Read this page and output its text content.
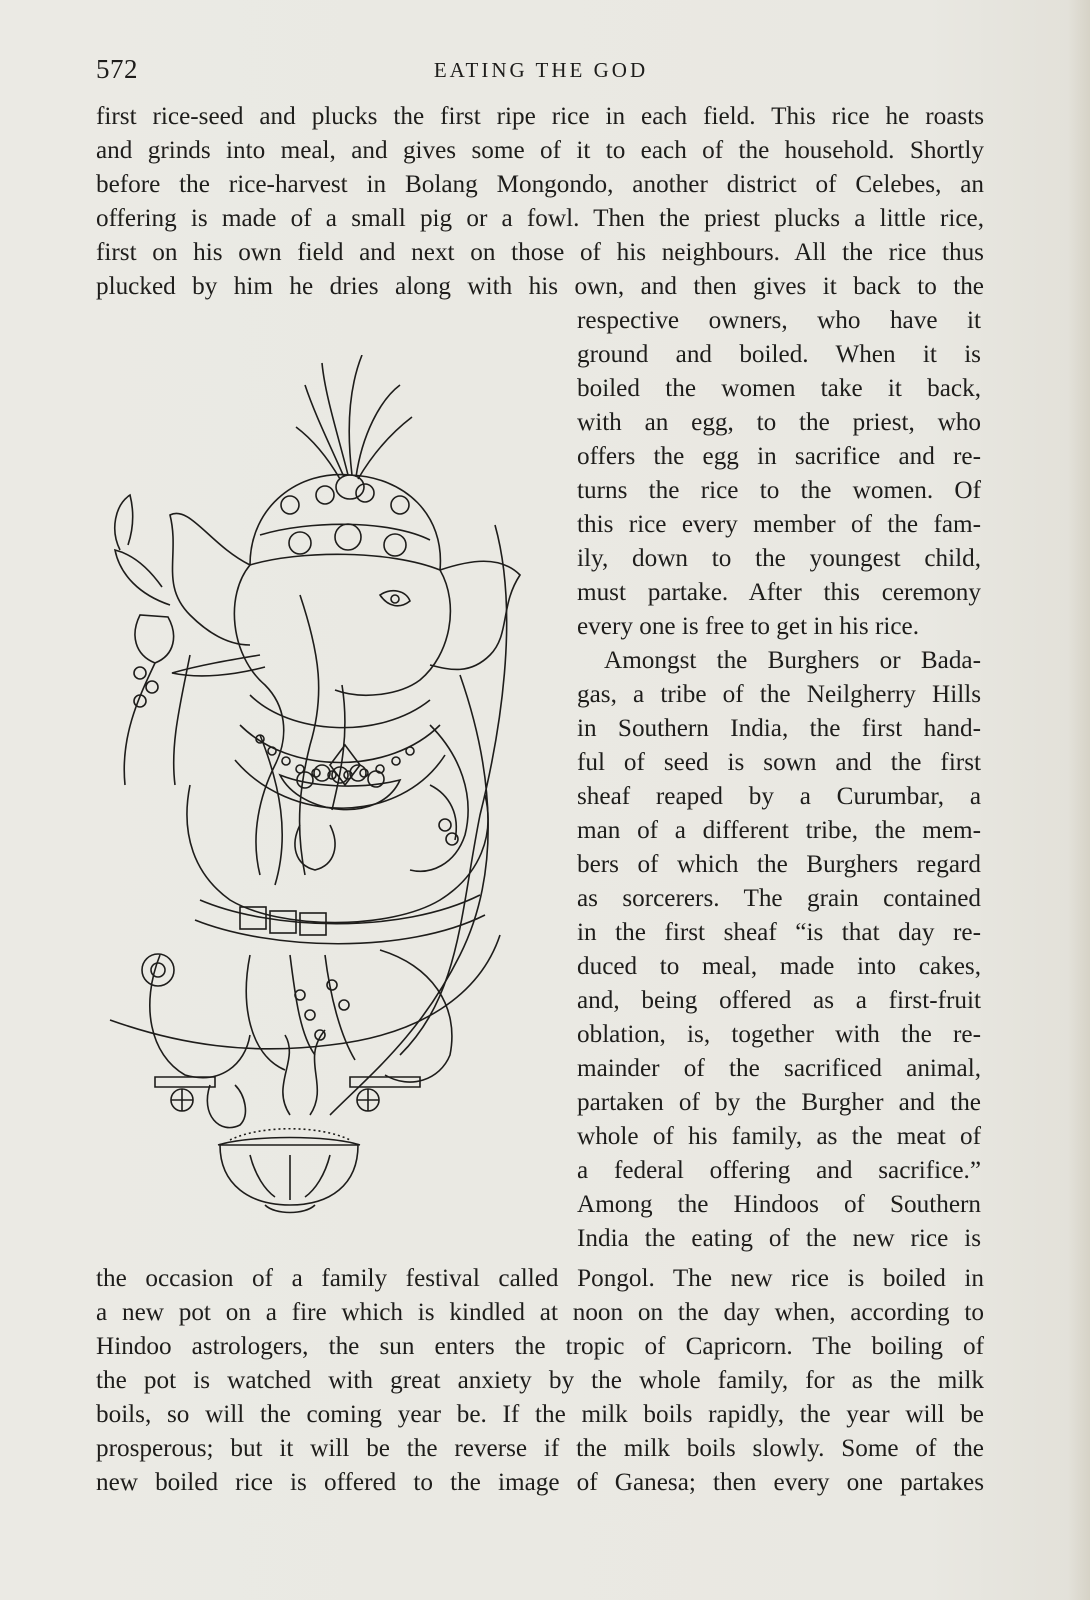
572	EATING THE GOD
first rice-seed and plucks the first ripe rice in each field. This rice he roasts
and grinds into meal, and gives some of it to each of the household. Shortly
before the rice-harvest in Bolang Mongondo, another district of Celebes, an
offering is made of a small pig or a fowl. Then the priest plucks a little rice,
first on his own field and next on those of his neighbours. All the rice thus
plucked by him he dries along with his own, and then gives it back to the
respective owners, who have it
ground and boiled. When it is
boiled the women take it back,
with an egg, to the priest, who
offers the egg in sacrifice and re-
turns the rice to the women. Of
this rice every member of the fam-
ily, down to the youngest child,
must partake. After this ceremony
every one is free to get in his rice.
Amongst the Burghers or Bada-
gas, a tribe of the Neilgherry Hills
in Southern India, the first hand-
ful of seed is sown and the first
sheaf reaped by a Curumbar, a
man of a different tribe, the mem-
bers of which the Burghers regard
as sorcerers. The grain contained
in the first sheaf “is that day re-
duced to meal, made into cakes,
and, being offered as a first-fruit
oblation, is, together with the re-
mainder of the sacrificed animal,
partaken of by the Burgher and the
whole of his family, as the meat of
a federal offering and sacrifice.”
Among the Hindoos of Southern
India the eating of the new rice is
the occasion of a family festival called Pongol. The new rice is boiled in
a new pot on a fire which is kindled at noon on the day when, according to
Hindoo astrologers, the sun enters the tropic of Capricorn. The boiling of
the pot is watched with great anxiety by the whole family, for as the milk
boils, so will the coming year be. If the milk boils rapidly, the year will be
prosperous; but it will be the reverse if the milk boils slowly. Some of the
new boiled rice is offered to the image of Ganesa; then every one partakes
